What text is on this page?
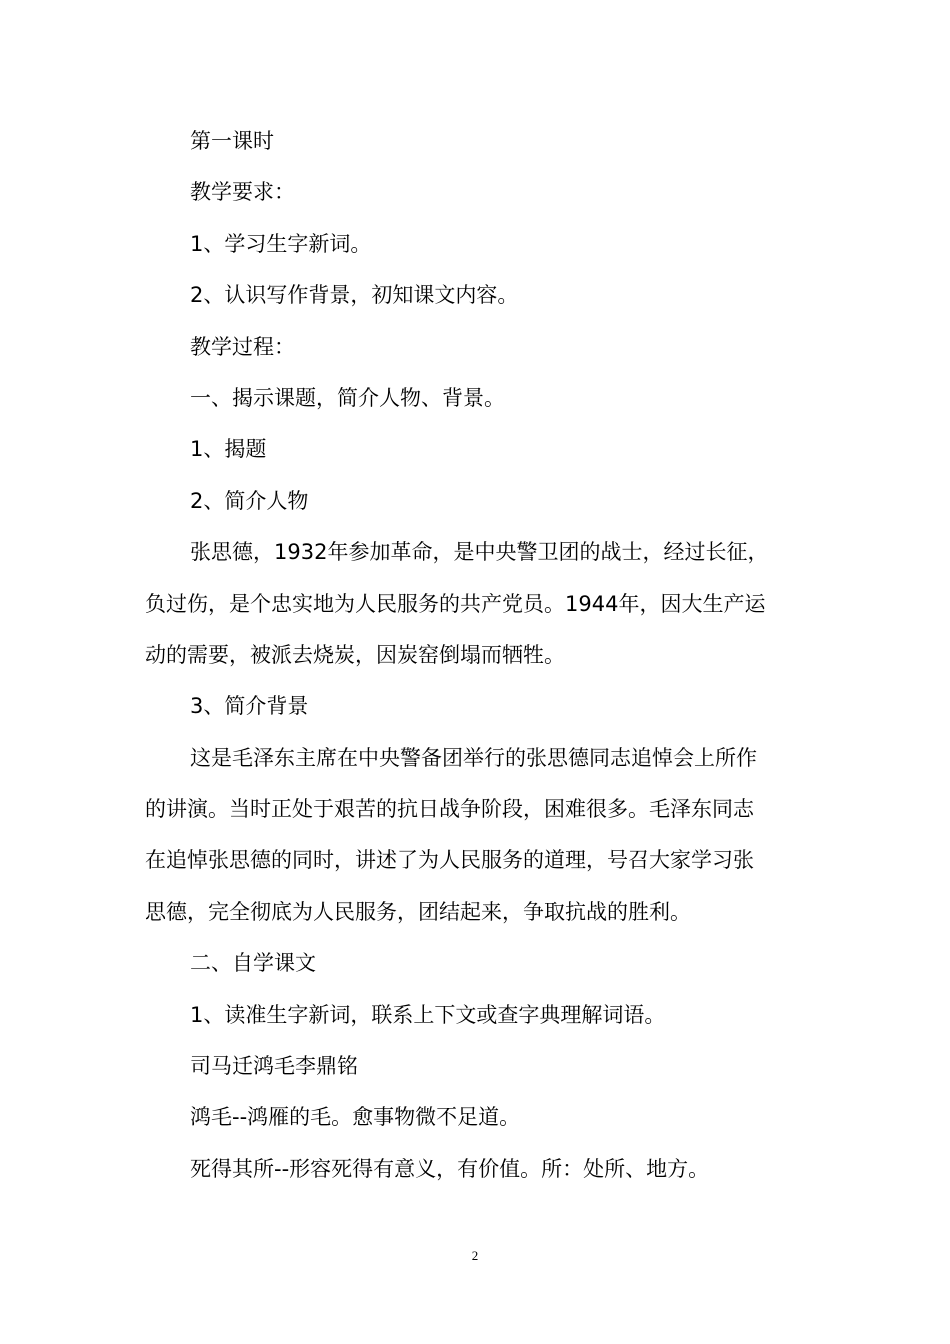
第一课时
教学要求：
1、学习生字新词。
2、认识写作背景，初知课文内容。
教学过程：
一、揭示课题，简介人物、背景。
1、揭题
2、简介人物
张思德，1932年参加革命，是中央警卫团的战士，经过长征，
负过伤，是个忠实地为人民服务的共产党员。1944年，因大生产运
动的需要，被派去烧炭，因炭窑倒塌而牺牲。
3、简介背景
这是毛泽东主席在中央警备团举行的张思德同志追悼会上所作
的讲演。当时正处于艰苦的抗日战争阶段，困难很多。毛泽东同志
在追悼张思德的同时，讲述了为人民服务的道理，号召大家学习张
思德，完全彻底为人民服务，团结起来，争取抗战的胜利。
二、自学课文
1、读准生字新词，联系上下文或查字典理解词语。
司马迁鸿毛李鼎铭
鸿毛--鸿雁的毛。愈事物微不足道。
死得其所--形容死得有意义，有价值。所：处所、地方。
2
